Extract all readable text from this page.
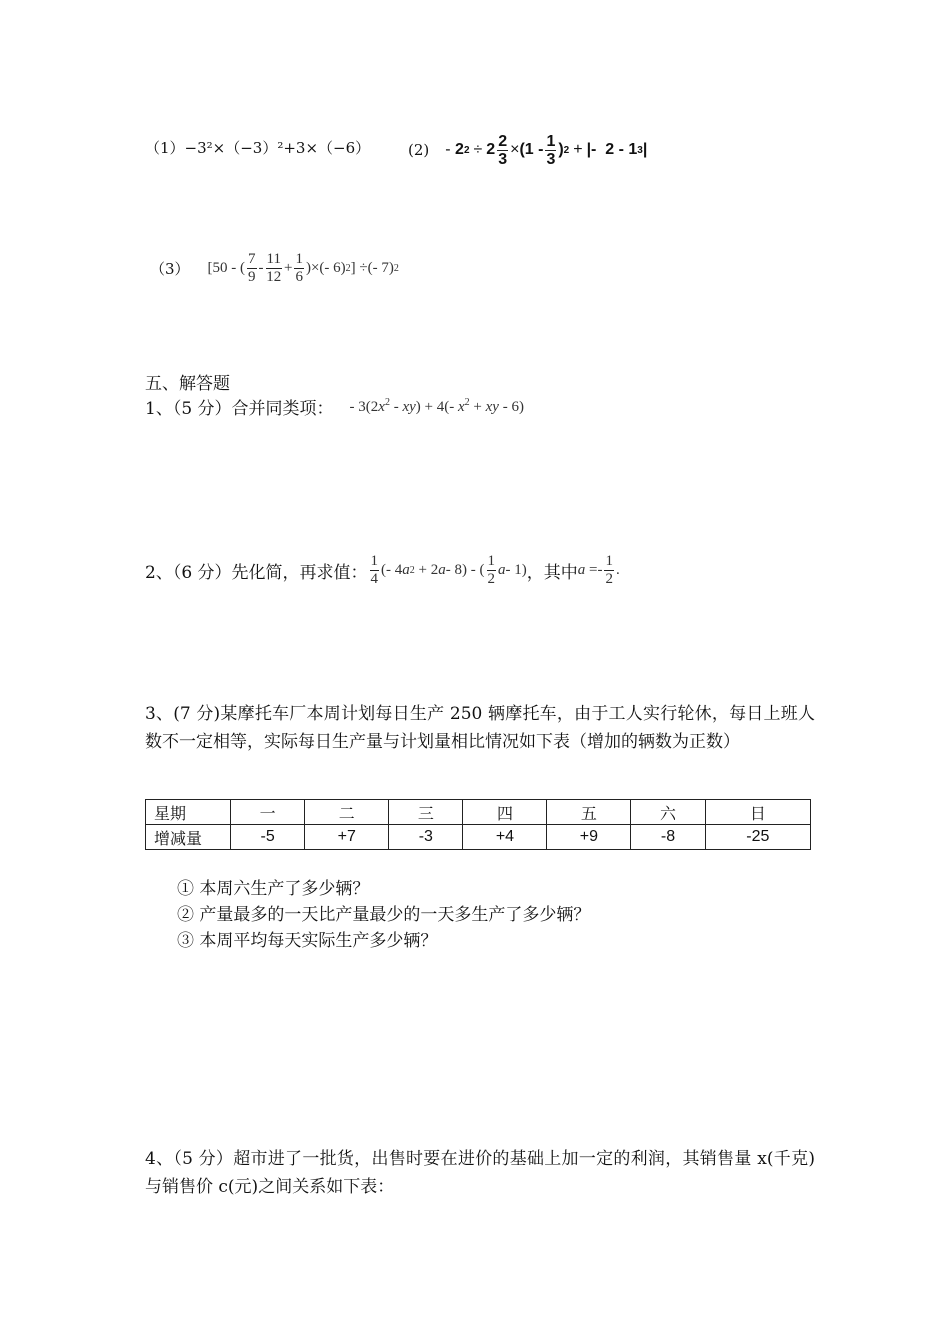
（1）−3²×（−3）²+3×（−6）	(2) - 2 $2 \div 2 \frac{2}{3} \times (1 - \frac{1}{3}$ ) 2 + |-  2 - 1 3 |
（3） [50 - ( $\frac{7}{9} - \frac{11}{12} + \frac{1}{6}$ )×(- 6) 2 ] ÷(- 7) 2
五、解答题
1、（5 分）合并同类项： - $3(2x^2 - xy) + 4(-$ $x^2$ + xy - 6)
2、（6 分）先化简，再求值： $\frac{1}{4}$ (- 4 a 2 + 2 a - 8) - ( $\frac{1}{2}$ a - 1) ，其中 $a =- \frac{1}{2}$ .
3、(7 分)某摩托车厂本周计划每日生产 250 辆摩托车，由于工人实行轮休，每日上班人数不一定相等，实际每日生产量与计划量相比情况如下表（增加的辆数为正数）
星期	一	二	三	四	五	六	日
增减量	-5	+7	-3	+4	+9	-8	-25
① 本周六生产了多少辆？
② 产量最多的一天比产量最少的一天多生产了多少辆？
③ 本周平均每天实际生产多少辆？
4、（5 分）超市进了一批货，出售时要在进价的基础上加一定的利润，其销售量 x(千克)与销售价 c(元)之间关系如下表：
